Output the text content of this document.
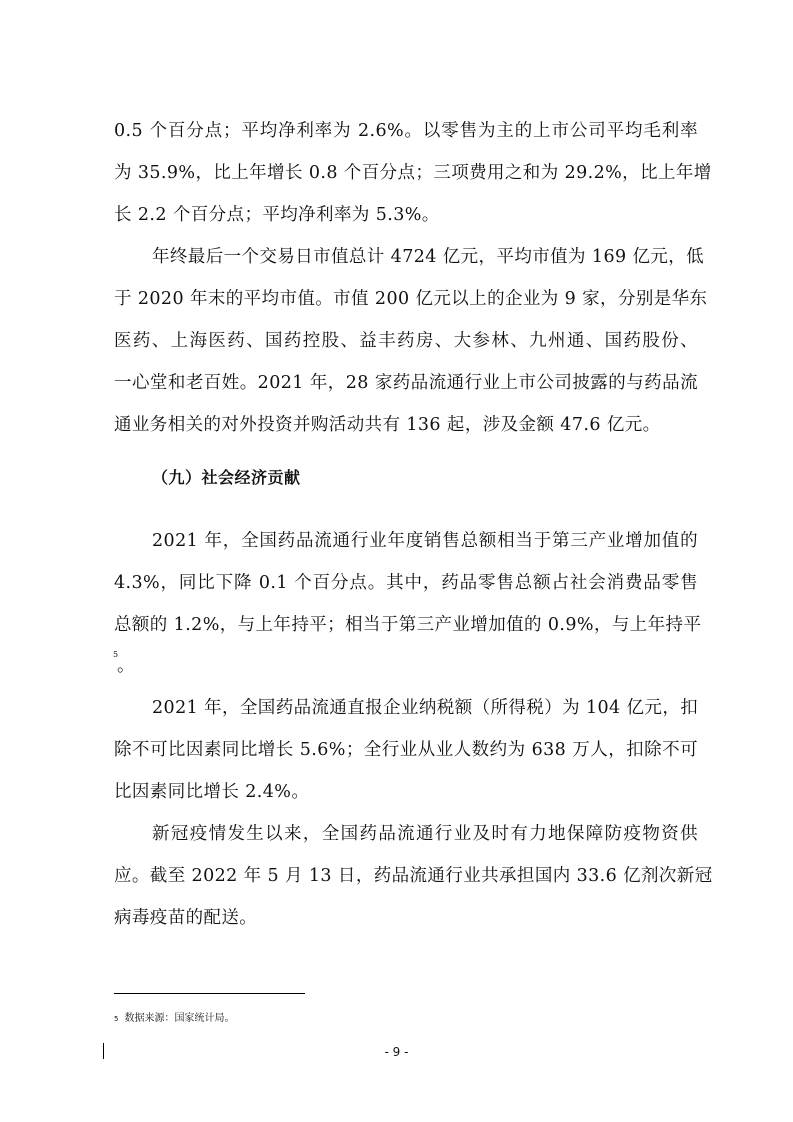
0.5 个百分点；平均净利率为 2.6%。以零售为主的上市公司平均毛利率
为 35.9%，比上年增长 0.8 个百分点；三项费用之和为 29.2%，比上年增
长 2.2 个百分点；平均净利率为 5.3%。
年终最后一个交易日市值总计 4724 亿元，平均市值为 169 亿元，低
于 2020 年末的平均市值。市值 200 亿元以上的企业为 9 家，分别是华东
医药、上海医药、国药控股、益丰药房、大参林、九州通、国药股份、
一心堂和老百姓。2021 年，28 家药品流通行业上市公司披露的与药品流
通业务相关的对外投资并购活动共有 136 起，涉及金额 47.6 亿元。
（九）社会经济贡献
2021 年，全国药品流通行业年度销售总额相当于第三产业增加值的
4.3%，同比下降 0.1 个百分点。其中，药品零售总额占社会消费品零售
总额的 1.2%，与上年持平；相当于第三产业增加值的 0.9%，与上年持平
5
。
2021 年，全国药品流通直报企业纳税额（所得税）为 104 亿元，扣
除不可比因素同比增长 5.6%；全行业从业人数约为 638 万人，扣除不可
比因素同比增长 2.4%。
新冠疫情发生以来，全国药品流通行业及时有力地保障防疫物资供
应。截至 2022 年 5 月 13 日，药品流通行业共承担国内 33.6 亿剂次新冠
病毒疫苗的配送。
$^5$ 数据来源：国家统计局。
- 9 -
